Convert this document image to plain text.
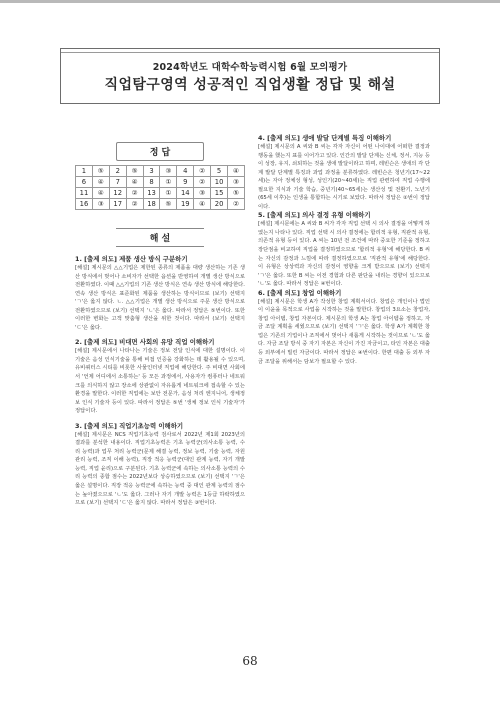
2024학년도 대학수학능력시험 6월 모의평가
직업탐구영역 성공적인 직업생활 정답 및 해설
정 답
1	⑤	2	⑤	3	③	4	②	5	④
6	④	7	④	8	①	9	②	10	③
11	④	12	②	13	①	14	③	15	⑤
16	③	17	②	18	⑤	19	④	20	②
해 설
1. [출제 의도] 제품 생산 방식 구분하기
[해설] 제시문의 △△기업은 제한된 종류의 제품을 대량 생산하는 기존 생산 방식에서 벗어나 소비자가 선택한 옵션을 반영하여 개별 생산 방식으로 전환하였다. 이때 △△기업의 기존 생산 방식은 연속 생산 방식에 해당한다. 연속 생산 방식은 표준화된 제품을 생산하는 방식이므로 (보기) 선택지 'ㄱ'은 옳지 않다. ㄴ. △△기업은 개별 생산 방식으로 주문 생산 방식으로 전환하였으므로 (보기) 선택지 'ㄴ'은 옳다. 따라서 정답은 ⑤번이다. 또한 이러한 변화는 고객 맞춤형 생산을 위한 것이다. 따라서 (보기) 선택지 'ㄷ'은 옳다.
2. [출제 의도] 비대면 사회의 유망 직업 이해하기
[해설] 제시문에서 나타나는 기술은 정보 전달 인식에 대한 설명이다. 이 기술은 음성 인식기술을 통해 비접 인증을 강화하는 데 활용될 수 있으며, 유비쿼터스 시티를 비롯한 사물인터넷 직업에 해당한다. 주 비대면 사회에서 '언제 어디에서 소통하는' 등 모든 과정에서, 사용자가 컴퓨터나 네트워크를 의식하지 않고 장소에 상관없이 자유롭게 네트워크에 접속할 수 있는 환경을 말한다. 이러한 직업에는 보안 전문가, 음성 처리 엔지니어, 생체정보 인식 기술자 등이 있다. 따라서 정답은 ⑤번 '생체 정보 인식 기술자'가 정답이다.
3. [출제 의도] 직업기초능력 이해하기
[해설] 제시문은 NCS 직업기초능력 검사로서 2022년 제1회 2023년의 결과를 분석한 내용이다. 직업기초능력은 기초 능력군(의사소통 능력, 수리 능력)과 업무 처리 능력군(문제 해결 능력, 정보 능력, 기술 능력, 자원 관리 능력, 조직 이해 능력), 직장 적응 능력군(대인 관계 능력, 자기 개발 능력, 직업 윤리)으로 구분된다. 기초 능력군에 속하는 의사소통 능력의 수리 능력의 종합 점수는 2022년보다 상승하였으므로 (보기) 선택지 'ㄱ'은 옳은 설명이다. 직장 적응 능력군에 속하는 능력 중 대인 관계 능력의 점수는 높아졌으므로 'ㄴ'도 옳다. 그러나 자기 개발 능력은 1등급 하락하였으므로 (보기) 선택지 'ㄷ'은 옳지 않다. 따라서 정답은 ③번이다.
4. [출제 의도] 생애 발달 단계별 특징 이해하기
[해설] 제시문의 A 씨와 B 씨는 각자 자신이 어떤 나이대에 어떠한 결정과 행동을 했는지 표를 이어가고 있다. 인간의 발달 단계는 신체, 정서, 지능 등이 성장, 유지, 쇠퇴하는 것을 생애 발달이라고 하며, 레빈슨은 생애의 각 단계 발달 단계별 특징과 과업 과정을 분류하였다. 레빈슨은 청년기(17~22세)는 자아 정체성 형성, 성인기(20~40세)는 직업 관련하여 직업 수행에 필요한 지식과 기술 학습, 중년기(40~65세)는 생산성 및 전환기, 노년기(65세 이후)는 인생을 통합하는 시기로 보았다. 따라서 정답은 ②번이 정답이다.
5. [출제 의도] 의사 결정 유형 이해하기
[해설] 제시문에는 A 씨와 B 씨가 각자 직업 선택 시 의사 결정을 어떻게 하였는지 나타나 있다. 직업 선택 시 의사 결정에는 합리적 유형, 직관적 유형, 의존적 유형 등이 있다. A 씨는 10년 전 조건에 따라 중요한 기준을 정하고 장단점을 비교하여 직업을 결정하였으므로 '합리적 유형'에 해당한다. B 씨는 자신의 감정과 느낌에 따라 결정하였으므로 '직관적 유형'에 해당한다. 이 유형은 상상력과 자신의 감정이 영향을 크게 받으므로 (보기) 선택지 'ㄱ'은 옳다. 또한 B 씨는 이전 경험과 다른 판단을 내리는 경향이 있으므로 'ㄴ'도 옳다. 따라서 정답은 ④번이다.
6. [출제 의도] 창업 이해하기
[해설] 제시문은 학생 A가 작성한 창업 계획서이다. 창업은 개인이나 법인이 이윤을 목적으로 사업을 시작하는 것을 말한다. 창업의 3요소는 창업자, 창업 아이템, 창업 자본이다. 제시문의 학생 A는 창업 아이템을 정하고, 자금 조달 계획을 세웠으므로 (보기) 선택지 'ㄱ'은 옳다. 학생 A가 계획한 창업은 기존의 기업이나 조직에서 벗어나 새롭게 시작하는 것이므로 'ㄴ'도 옳다. 자금 조달 방식 중 자기 자본은 자신이 가진 자금이고, 타인 자본은 대출 등 외부에서 빌린 자금이다. 따라서 정답은 ④번이다. 한편 대출 등 외부 자금 조달을 위해서는 담보가 필요할 수 있다.
68
